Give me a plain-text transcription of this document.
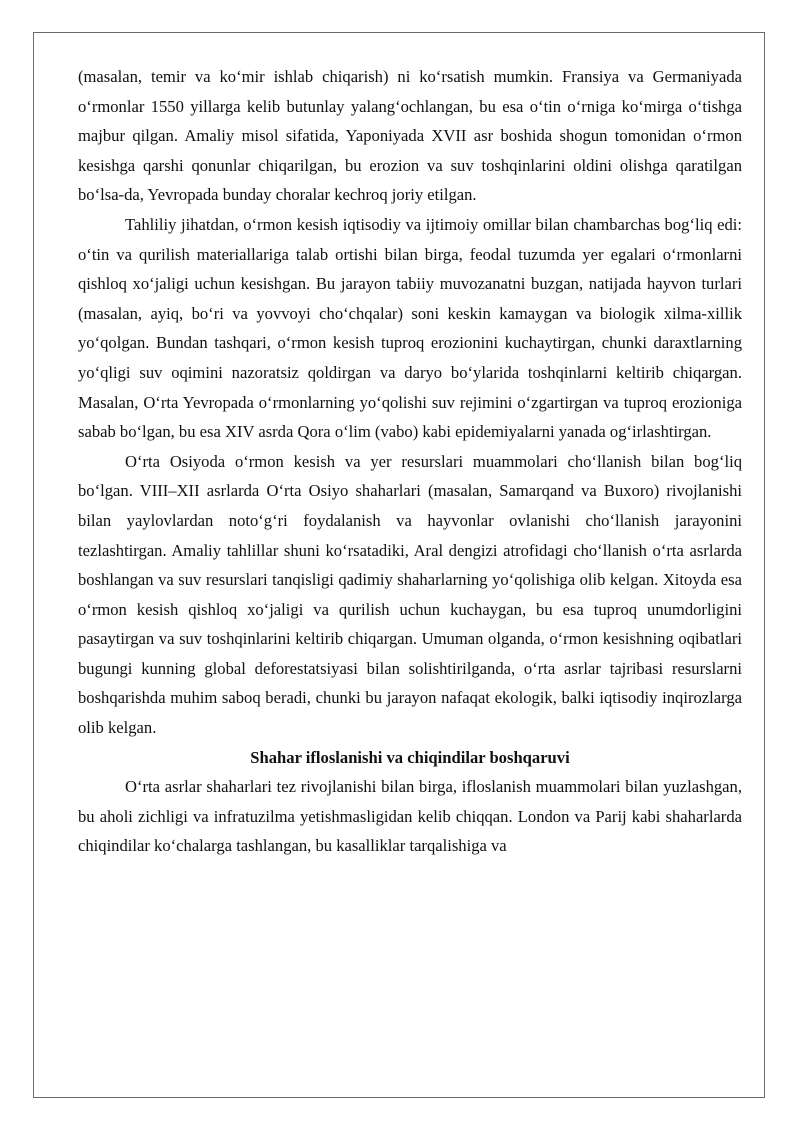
(masalan, temir va ko‘mir ishlab chiqarish) ni ko‘rsatish mumkin. Fransiya va Germaniyada o‘rmonlar 1550 yillarga kelib butunlay yalang‘ochlangan, bu esa o‘tin o‘rniga ko‘mirga o‘tishga majbur qilgan. Amaliy misol sifatida, Yaponiyada XVII asr boshida shogun tomonidan o‘rmon kesishga qarshi qonunlar chiqarilgan, bu erozion va suv toshqinlarini oldini olishga qaratilgan bo‘lsa-da, Yevropada bunday choralar kechroq joriy etilgan.

Tahliliy jihatdan, o‘rmon kesish iqtisodiy va ijtimoiy omillar bilan chambarchas bog‘liq edi: o‘tin va qurilish materiallariga talab ortishi bilan birga, feodal tuzumda yer egalari o‘rmonlarni qishloq xo‘jaligi uchun kesishgan. Bu jarayon tabiiy muvozanatni buzgan, natijada hayvon turlari (masalan, ayiq, bo‘ri va yovvoyi cho‘chqalar) soni keskin kamaygan va biologik xilma-xillik yo‘qolgan. Bundan tashqari, o‘rmon kesish tuproq erozionini kuchaytirgan, chunki daraxtlarning yo‘qligi suv oqimini nazoratsiz qoldirgan va daryo bo‘ylarida toshqinlarni keltirib chiqargan. Masalan, O‘rta Yevropada o‘rmonlarning yo‘qolishi suv rejimini o‘zgartirgan va tuproq erozioniga sabab bo‘lgan, bu esa XIV asrda Qora o‘lim (vabo) kabi epidemiyalarni yanada og‘irlashtirgan.

O‘rta Osiyoda o‘rmon kesish va yer resurslari muammolari cho‘llanish bilan bog‘liq bo‘lgan. VIII–XII asrlarda O‘rta Osiyo shaharlari (masalan, Samarqand va Buxoro) rivojlanishi bilan yaylovlardan noto‘g‘ri foydalanish va hayvonlar ovlanishi cho‘llanish jarayonini tezlashtirgan. Amaliy tahlillar shuni ko‘rsatadiki, Aral dengizi atrofidagi cho‘llanish o‘rta asrlarda boshlangan va suv resurslari tanqisligi qadimiy shaharlarning yo‘qolishiga olib kelgan. Xitoyda esa o‘rmon kesish qishloq xo‘jaligi va qurilish uchun kuchaygan, bu esa tuproq unumdorligini pasaytirgan va suv toshqinlarini keltirib chiqargan. Umuman olganda, o‘rmon kesishning oqibatlari bugungi kunning global deforestatsiyasi bilan solishtirilganda, o‘rta asrlar tajribasi resurslarni boshqarishda muhim saboq beradi, chunki bu jarayon nafaqat ekologik, balki iqtisodiy inqirozlarga olib kelgan.

Shahar ifloslanishi va chiqindilar boshqaruvi

O‘rta asrlar shaharlari tez rivojlanishi bilan birga, ifloslanish muammolari bilan yuzlashgan, bu aholi zichligi va infratuzilma yetishmasligidan kelib chiqqan. London va Parij kabi shaharlarda chiqindilar ko‘chalarga tashlangan, bu kasalliklar tarqalishiga va
